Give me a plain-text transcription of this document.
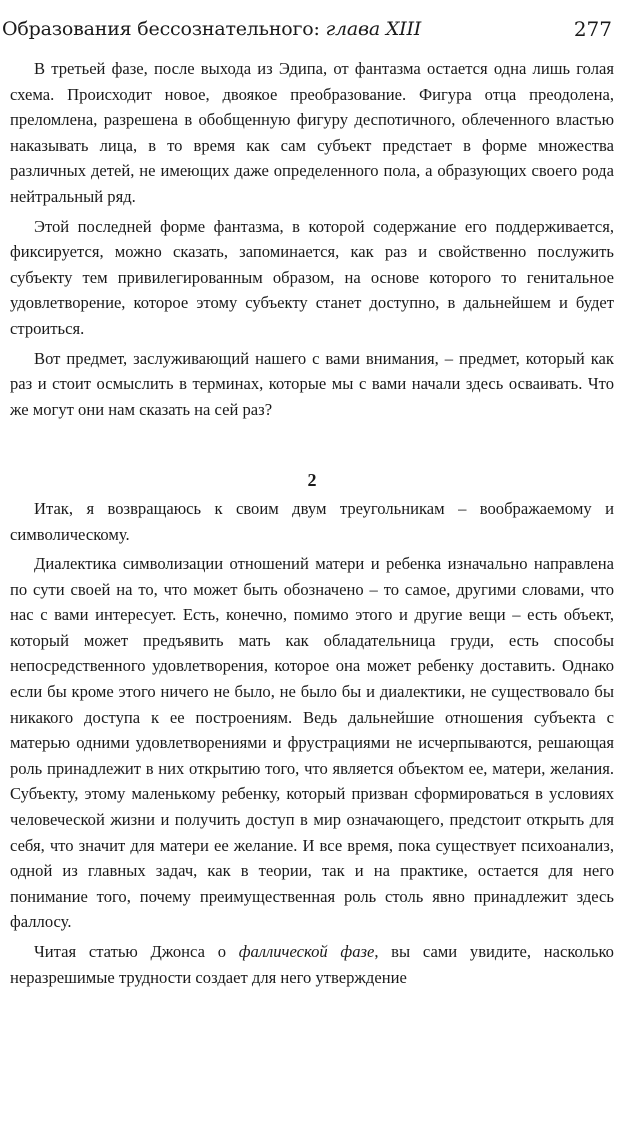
Образования бессознательного: глава XIII	277

В третьей фазе, после выхода из Эдипа, от фантазма остается одна лишь голая схема. Происходит новое, двоякое преобразование. Фигура отца преодолена, преломлена, разрешена в обобщенную фигуру деспотичного, облеченного властью наказывать лица, в то время как сам субъект предстает в форме множества различных детей, не имеющих даже определенного пола, а образующих своего рода нейтральный ряд.

Этой последней форме фантазма, в которой содержание его поддерживается, фиксируется, можно сказать, запоминается, как раз и свойственно послужить субъекту тем привилегированным образом, на основе которого то генитальное удовлетворение, которое этому субъекту станет доступно, в дальнейшем и будет строиться.

Вот предмет, заслуживающий нашего с вами внимания, – предмет, который как раз и стоит осмыслить в терминах, которые мы с вами начали здесь осваивать. Что же могут они нам сказать на сей раз?

2

Итак, я возвращаюсь к своим двум треугольникам – воображаемому и символическому.

Диалектика символизации отношений матери и ребенка изначально направлена по сути своей на то, что может быть обозначено – то самое, другими словами, что нас с вами интересует. Есть, конечно, помимо этого и другие вещи – есть объект, который может предъявить мать как обладательница груди, есть способы непосредственного удовлетворения, которое она может ребенку доставить. Однако если бы кроме этого ничего не было, не было бы и диалектики, не существовало бы никакого доступа к ее построениям. Ведь дальнейшие отношения субъекта с матерью одними удовлетворениями и фрустрациями не исчерпываются, решающая роль принадлежит в них открытию того, что является объектом ее, матери, желания. Субъекту, этому маленькому ребенку, который призван сформироваться в условиях человеческой жизни и получить доступ в мир означающего, предстоит открыть для себя, что значит для матери ее желание. И все время, пока существует психоанализ, одной из главных задач, как в теории, так и на практике, остается для него понимание того, почему преимущественная роль столь явно принадлежит здесь фаллосу.

Читая статью Джонса о фаллической фазе, вы сами увидите, насколько неразрешимые трудности создает для него утверждение
